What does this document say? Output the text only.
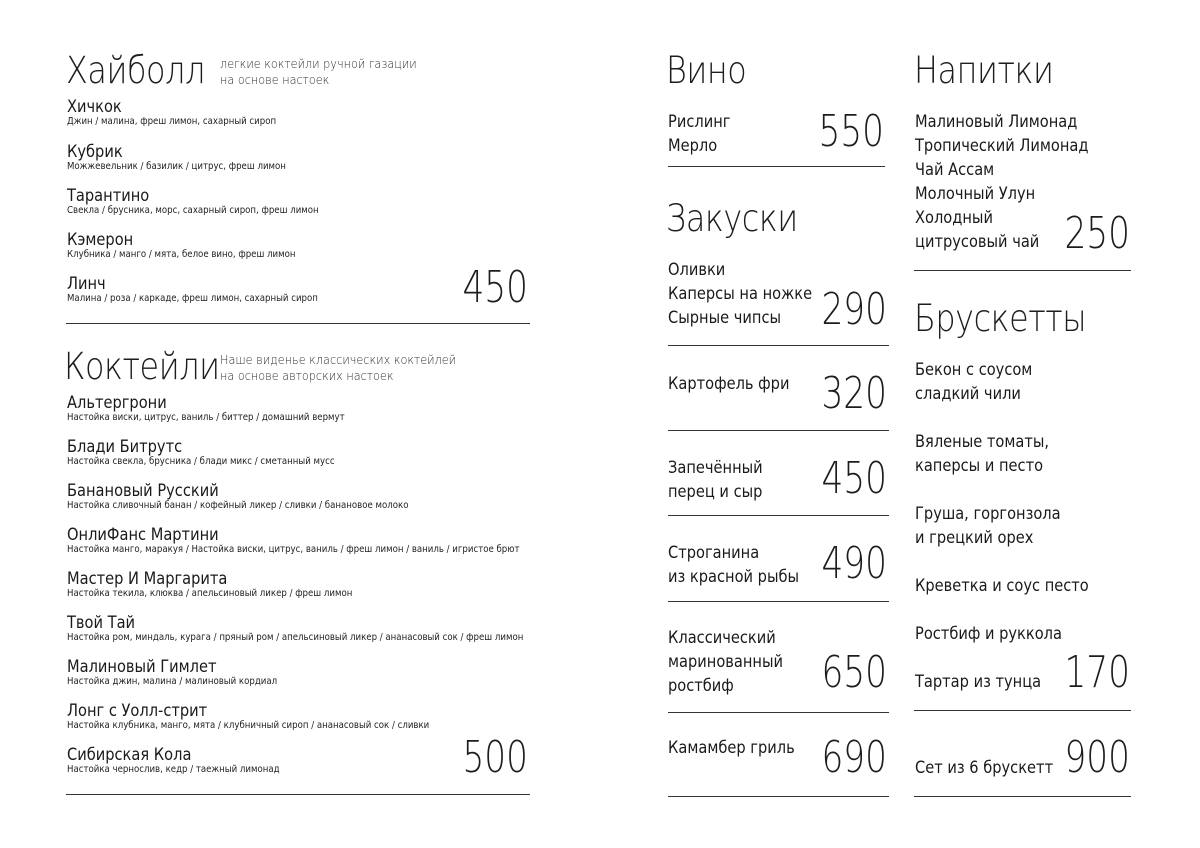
Хайболл легкие коктейли ручной газации
на основе настоек
Хичкок
Джин / малина, фреш лимон, сахарный сироп
Кубрик
Можжевельник / базилик / цитрус, фреш лимон
Тарантино
Свекла / брусника, морс, сахарный сироп, фреш лимон
Кэмерон
Клубника / манго / мята, белое вино, фреш лимон
Линч
Малина / роза / каркаде, фреш лимон, сахарный сироп	450
Коктейли Наше виденье классических коктейлей
на основе авторских настоек
Альтергрони
Настойка виски, цитрус, ваниль / биттер / домашний вермут
Блади Битрутс
Настойка свекла, брусника / блади микс / сметанный мусс
Банановый Русский
Настойка сливочный банан / кофейный ликер / сливки / банановое молоко
ОнлиФанс Мартини
Настойка манго, маракуя / Настойка виски, цитрус, ваниль / фреш лимон / ваниль / игристое брют
Мастер И Маргарита
Настойка текила, клюква / апельсиновый ликер / фреш лимон
Твой Тай
Настойка ром, миндаль, курага / пряный ром / апельсиновый ликер / ананасовый сок / фреш лимон
Малиновый Гимлет
Настойка джин, малина / малиновый кордиал
Лонг с Уолл-стрит
Настойка клубника, манго, мята / клубничный сироп / ананасовый сок / сливки
Сибирская Кола
Настойка чернослив, кедр / таежный лимонад	500
Вино
Рислинг
Мерло 550
Закуски
Оливки
Каперсы на ножке
Сырные чипсы 290
Картофель фри 320
Запечённый
перец и сыр 450
Строганина
из красной рыбы 490
Классический
маринованный
ростбиф 650
Камамбер гриль 690
Напитки
Малиновый Лимонад
Тропический Лимонад
Чай Ассам
Молочный Улун
Холодный
цитрусовый чай 250
Брускетты
Бекон с соусом
сладкий чили
Вяленые томаты,
каперсы и песто
Груша, горгонзола
и грецкий орех
Креветка и соус песто
Ростбиф и руккола
Тартар из тунца 170
Сет из 6 брускетт 900
